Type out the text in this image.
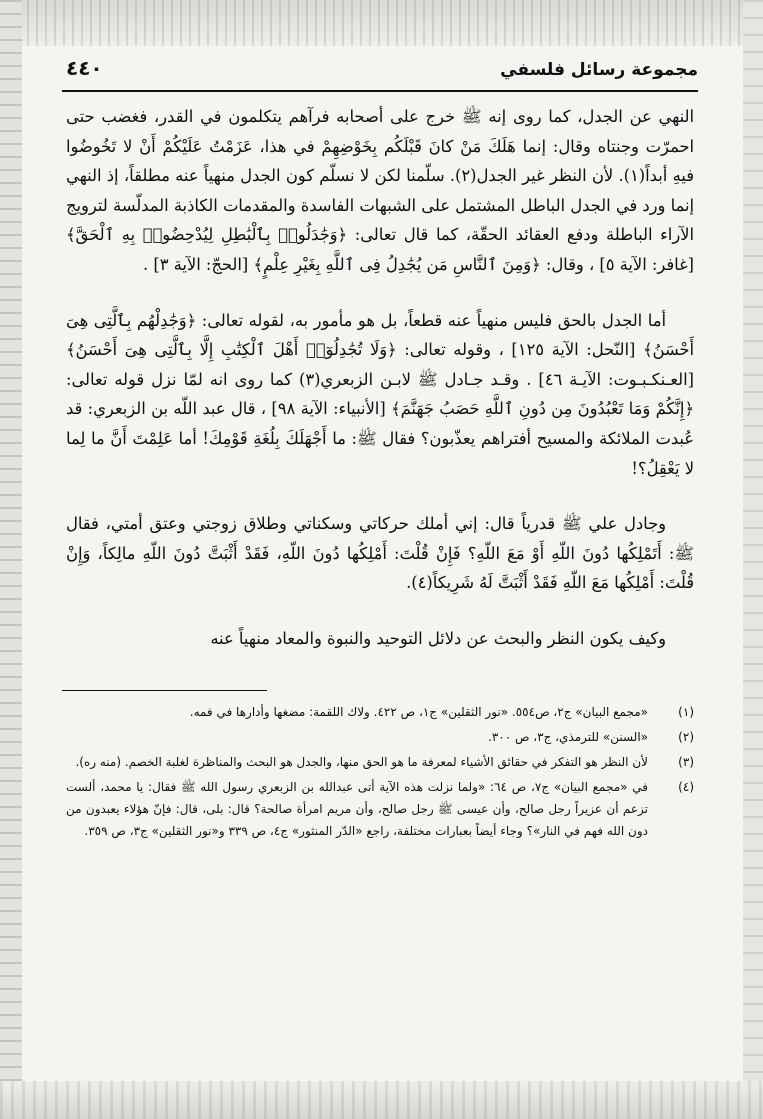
مجموعة رسائل فلسفي
٤٤٠

النهي عن الجدل، كما روى إنه ﷺ خرج على أصحابه فرآهم يتكلمون في القدر، فغضب حتى احمرّت وجنتاه وقال: إنما هَلَكَ مَنْ كانَ قَبْلَكُم بِخَوْضِهِمْ في هذا، عَزَمْتُ عَلَيْكُمْ أَنْ لا تَخُوضُوا فيهِ أبداً(١). لأن النظر غير الجدل(٢). سلّمنا لكن لا نسلّم كون الجدل منهياً عنه مطلقاً، إذ النهي إنما ورد في الجدل الباطل المشتمل على الشبهات الفاسدة والمقدمات الكاذبة المدلّسة لترويج الآراء الباطلة ودفع العقائد الحقّة، كما قال تعالى: ﴿وَجَٰدَلُوا۟ بِٱلْبَٰطِلِ لِيُدْحِضُوا۟ بِهِ ٱلْحَقَّ﴾ [غافر: الآية ٥] ، وقال: ﴿وَمِنَ ٱلنَّاسِ مَن يُجَٰدِلُ فِى ٱللَّهِ بِغَيْرِ عِلْمٍ﴾ [الحجّ: الآية ٣] .

أما الجدل بالحق فليس منهياً عنه قطعاً، بل هو مأمور به، لقوله تعالى: ﴿وَجَٰدِلْهُم بِٱلَّتِى هِىَ أَحْسَنُ﴾ [النّحل: الآية ١٢٥] ، وقوله تعالى: ﴿وَلَا تُجَٰدِلُوٓا۟ أَهْلَ ٱلْكِتَٰبِ إِلَّا بِٱلَّتِى هِىَ أَحْسَنُ﴾ [العـنكـبـوت: الآيـة ٤٦] . وقـد جـادل ﷺ لابـن الزبعري(٣) كما روى انه لمّا نزل قوله تعالى: ﴿إِنَّكُمْ وَمَا تَعْبُدُونَ مِن دُونِ ٱللَّهِ حَصَبُ جَهَنَّمَ﴾ [الأنبياء: الآية ٩٨] ، قال عبد اللّه بن الزبعري: قد عُبدت الملائكة والمسيح أفتراهم يعذّبون؟ فقال ﷺ: ما أَجْهَلَكَ بِلُغَةِ قَوْمِكَ! أما عَلِمْتَ أَنَّ ما لِما لا يَعْقِلُ؟!

وجادل علي ﷺ قدرياً قال: إني أملك حركاتي وسكناتي وطلاق زوجتي وعتق أمتي، فقال ﷺ: أَتَمْلِكُها دُونَ اللّهِ أَوْ مَعَ اللّهِ؟ فَإِنْ قُلْتَ: أَمْلِكُها دُونَ اللّهِ، فَقَدْ أَثْبَتَّ دُونَ اللّهِ مالِكاً، وَإِنْ قُلْتَ: أَمْلِكُها مَعَ اللّهِ فَقَدْ أَثْبَتَّ لَهُ شَرِيكاً(٤).

وكيف يكون النظر والبحث عن دلائل التوحيد والنبوة والمعاد منهياً عنه

(١)
«مجمع البيان» ج٢، ص٥٥٤. «نور الثقلين» ج١، ص ٤٢٢. ولاك اللقمة: مضغها وأدارها في فمه.
(٢)
«السنن» للترمذي، ج٣، ص ٣٠٠.
(٣)
لأن النظر هو التفكر في حقائق الأشياء لمعرفة ما هو الحق منها، والجدل هو البحث والمناظرة لغلبة الخصم. (منه ره).
(٤)
في «مجمع البيان» ج٧، ص ٦٤: «ولما نزلت هذه الآية أتى عبدالله بن الزبعري رسول الله ﷺ فقال: يا محمد، ألست تزعم أن عزيراً رجل صالح، وأن عيسى ﷺ رجل صالح، وأن مريم امرأة صالحة؟ قال: بلى، قال: فإنّ هؤلاء يعبدون من دون الله فهم في النار»؟ وجاء أيضاً بعبارات مختلفة، راجع «الدّر المنثور» ج٤، ص ٣٣٩ و«نور الثقلين» ج٣، ص ٣٥٩.
